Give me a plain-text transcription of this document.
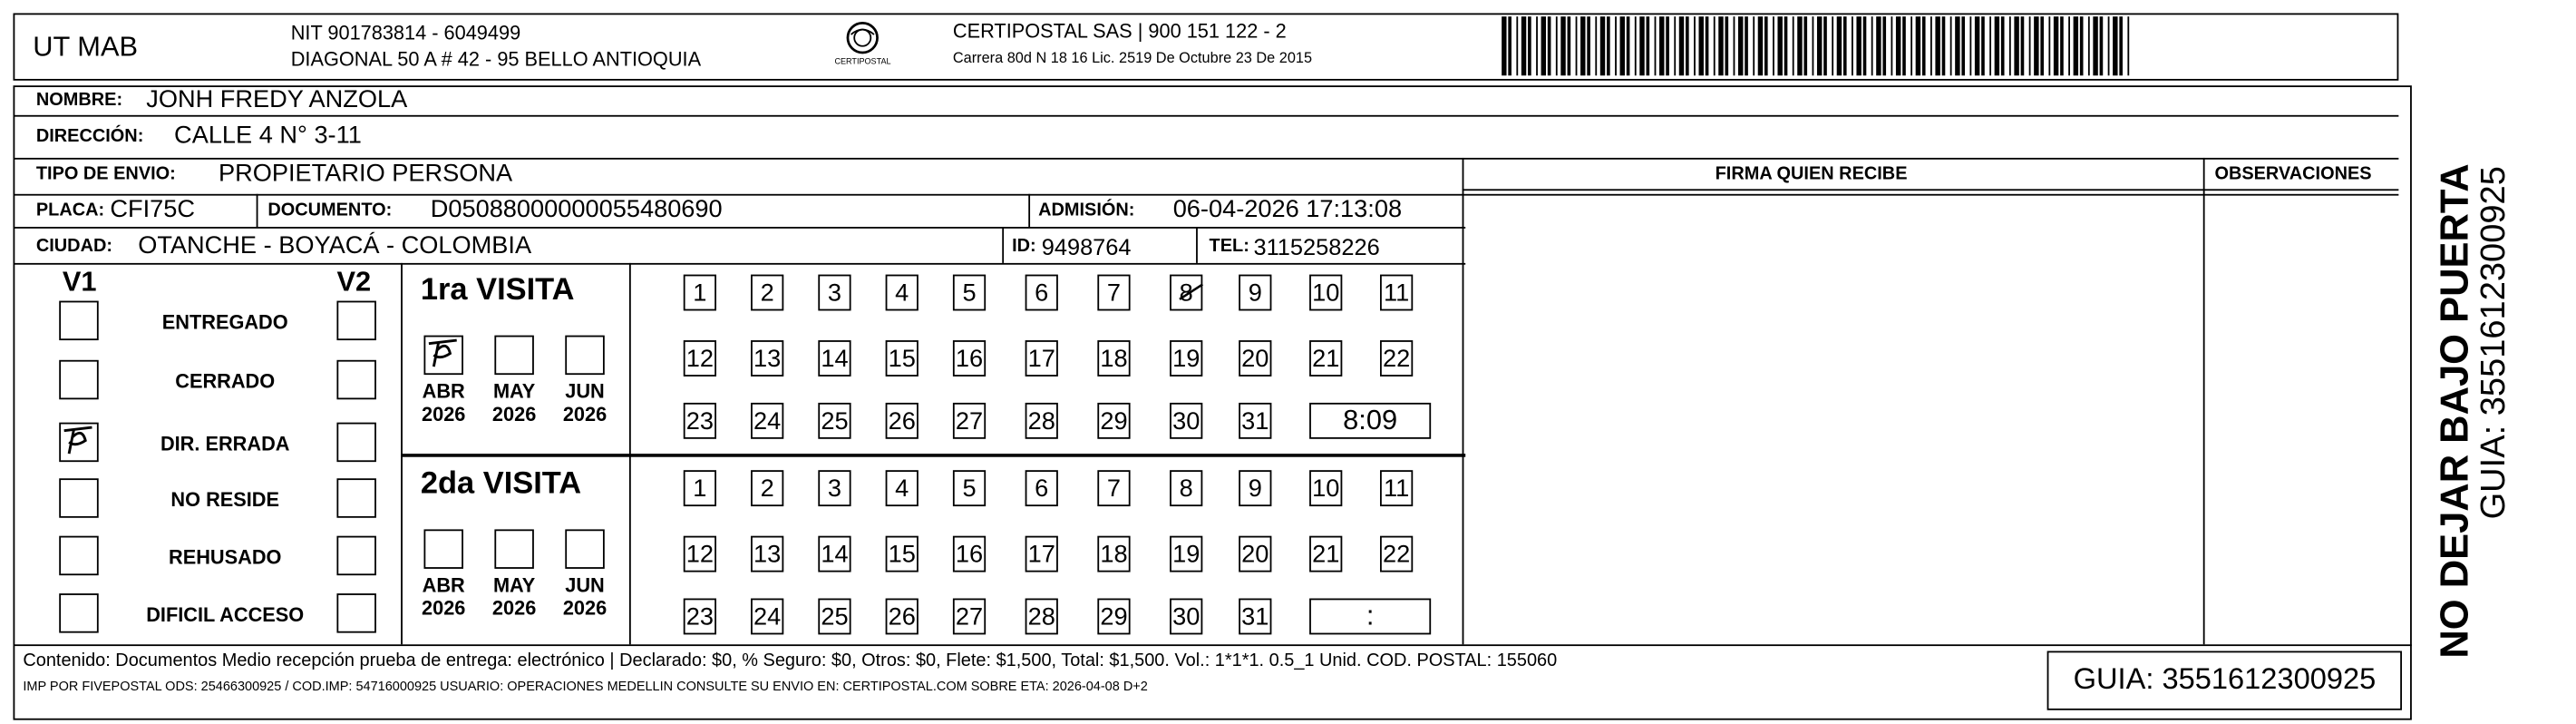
UT MAB	NIT 901783814 - 6049499
DIAGONAL 50 A # 42 - 95 BELLO ANTIOQUIA	CERTIPOSTAL
CERTIPOSTAL SAS | 900 151 122 - 2
Carrera 80d N 18 16 Lic. 2519 De Octubre 23 De 2015
NOMBRE: JONH FREDY ANZOLA
DIRECCIÓN: CALLE 4 N° 3-11
TIPO DE ENVIO:	PROPIETARIO PERSONA	FIRMA QUIEN RECIBE	OBSERVACIONES
PLACA: CFI75C	DOCUMENTO:	D05088000000055480690	ADMISIÓN:	06-04-2026 17:13:08
CIUDAD: OTANCHE - BOYACÁ - COLOMBIA	ID: 9498764	TEL: 3115258226
V1	V2	1ra VISITA
2da VISITA
Contenido: Documentos Medio recepción prueba de entrega: electrónico | Declarado: $0, % Seguro: $0, Otros: $0, Flete: $1,500, Total: $1,500. Vol.: 1*1*1. 0.5_1 Unid. COD. POSTAL: 155060
IMP POR FIVEPOSTAL ODS: 25466300925 / COD.IMP: 54716000925 USUARIO: OPERACIONES MEDELLIN CONSULTE SU ENVIO EN: CERTIPOSTAL.COM SOBRE ETA: 2026-04-08 D+2	GUIA: 3551612300925
NO DEJAR BAJO PUERTA
GUIA: 3551612300925
ENTREGADO
CERRADO
DIR. ERRADA
NO RESIDE
REHUSADO
DIFICIL ACCESO
ABR
2026
MAY
2026
JUN
2026
ABR
2026
MAY
2026
JUN
2026
1	2	3	4	5	6	7	8	9	10	11
12	13	14	15	16	17	18	19	20	21	22
23	24	25	26	27	28	29	30	31	8:09
1	2	3	4	5	6	7	8	9	10	11
12	13	14	15	16	17	18	19	20	21	22
23	24	25	26	27	28	29	30	31	:
